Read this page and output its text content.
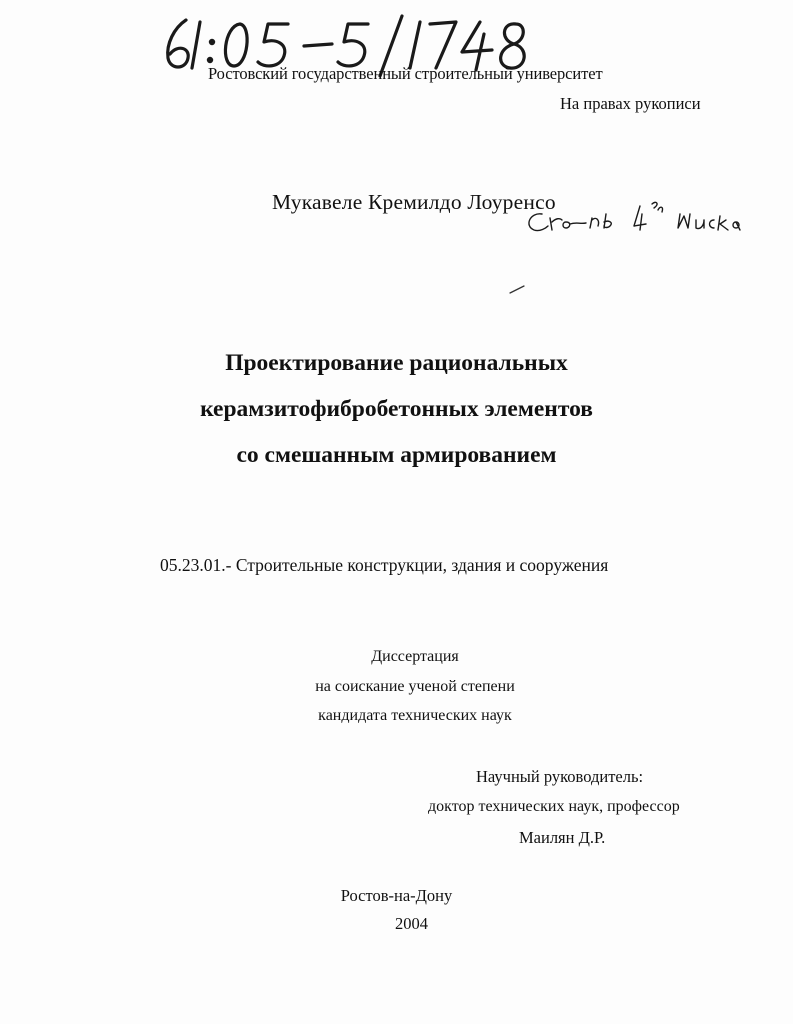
Ростовский государственный строительный университет
На правах рукописи
Мукавеле Кремилдо Лоуренсо
Проектирование рациональных
керамзитофибробетонных элементов
со смешанным армированием
05.23.01.- Строительные конструкции, здания и сооружения
Диссертация
на соискание ученой степени
кандидата технических наук
Научный руководитель:
доктор технических наук, профессор
Маилян Д.Р.
Ростов-на-Дону
2004
